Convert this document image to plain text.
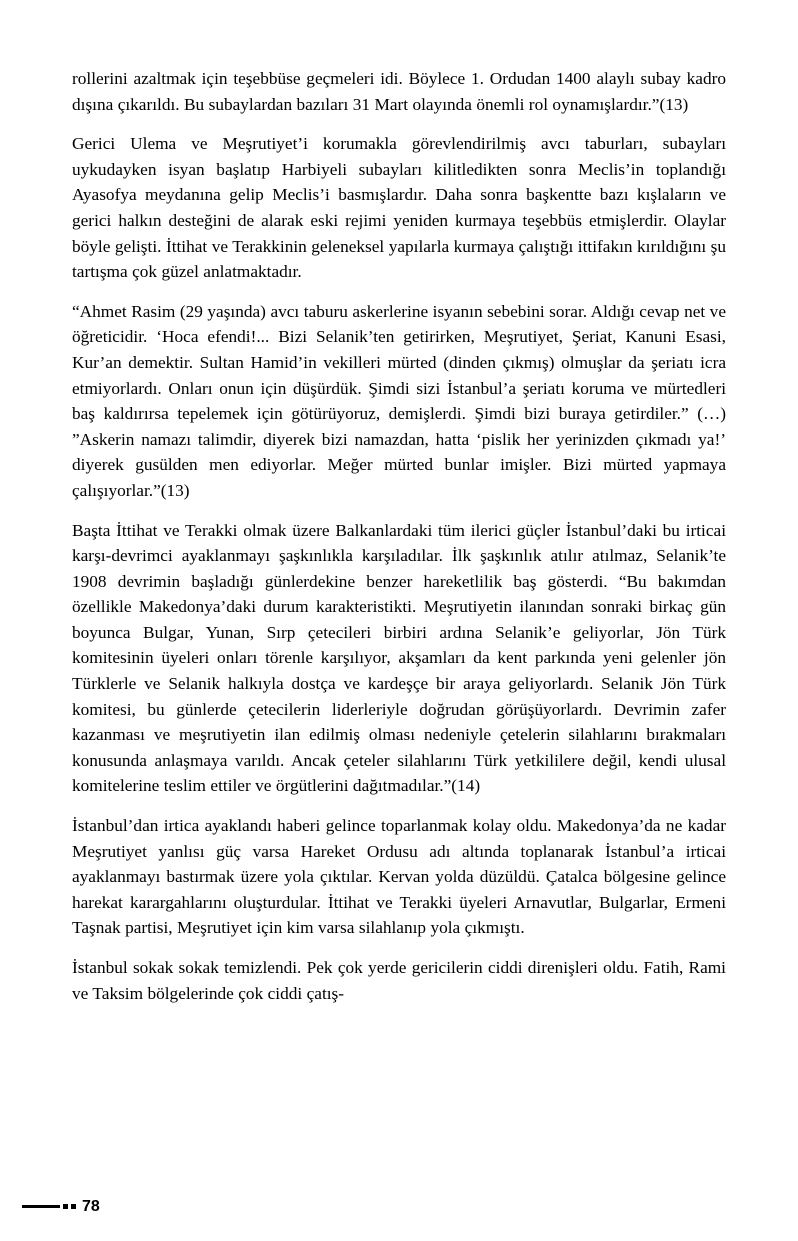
rollerini azaltmak için teşebbüse geçmeleri idi. Böylece 1. Ordudan 1400 alaylı subay kadro dışına çıkarıldı. Bu subaylardan bazıları 31 Mart olayında önemli rol oynamışlardır.”(13)

Gerici Ulema ve Meşrutiyet’i korumakla görevlendirilmiş avcı taburları, subayları uykudayken isyan başlatıp Harbiyeli subayları kilitledikten sonra Meclis’in toplandığı Ayasofya meydanına gelip Meclis’i basmışlardır. Daha sonra başkentte bazı kışlaların ve gerici halkın desteğini de alarak eski rejimi yeniden kurmaya teşebbüs etmişlerdir. Olaylar böyle gelişti. İttihat ve Terakkinin geleneksel yapılarla kurmaya çalıştığı ittifakın kırıldığını şu tartışma çok güzel anlatmaktadır.

“Ahmet Rasim (29 yaşında) avcı taburu askerlerine isyanın sebebini sorar. Aldığı cevap net ve öğreticidir. ‘Hoca efendi!... Bizi Selanik’ten getirirken, Meşrutiyet, Şeriat, Kanuni Esasi, Kur’an demektir. Sultan Hamid’in vekilleri mürted (dinden çıkmış) olmuşlar da şeriatı icra etmiyorlardı. Onları onun için düşürdük. Şimdi sizi İstanbul’a şeriatı koruma ve mürtedleri baş kaldırırsa tepelemek için götürüyoruz, demişlerdi. Şimdi bizi buraya getirdiler.” (…) ”Askerin namazı talimdir, diyerek bizi namazdan, hatta ‘pislik her yerinizden çıkmadı ya!’ diyerek gusülden men ediyorlar. Meğer mürted bunlar imişler. Bizi mürted yapmaya çalışıyorlar.”(13)

Başta İttihat ve Terakki olmak üzere Balkanlardaki tüm ilerici güçler İstanbul’daki bu irticai karşı-devrimci ayaklanmayı şaşkınlıkla karşıladılar. İlk şaşkınlık atılır atılmaz, Selanik’te 1908 devrimin başladığı günlerdekine benzer hareketlilik baş gösterdi. “Bu bakımdan özellikle Makedonya’daki durum karakteristikti. Meşrutiyetin ilanından sonraki birkaç gün boyunca Bulgar, Yunan, Sırp çetecileri birbiri ardına Selanik’e geliyorlar, Jön Türk komitesinin üyeleri onları törenle karşılıyor, akşamları da kent parkında yeni gelenler jön Türklerle ve Selanik halkıyla dostça ve kardeşçe bir araya geliyorlardı. Selanik Jön Türk komitesi, bu günlerde çetecilerin liderleriyle doğrudan görüşüyorlardı. Devrimin zafer kazanması ve meşrutiyetin ilan edilmiş olması nedeniyle çetelerin silahlarını bırakmaları konusunda anlaşmaya varıldı. Ancak çeteler silahlarını Türk yetkililere değil, kendi ulusal komitelerine teslim ettiler ve örgütlerini dağıtmadılar.”(14)

İstanbul’dan irtica ayaklandı haberi gelince toparlanmak kolay oldu. Makedonya’da ne kadar Meşrutiyet yanlısı güç varsa Hareket Ordusu adı altında toplanarak İstanbul’a irticai ayaklanmayı bastırmak üzere yola çıktılar. Kervan yolda düzüldü. Çatalca bölgesine gelince harekat karargahlarını oluşturdular. İttihat ve Terakki üyeleri Arnavutlar, Bulgarlar, Ermeni Taşnak partisi, Meşrutiyet için kim varsa silahlanıp yola çıkmıştı.

İstanbul sokak sokak temizlendi. Pek çok yerde gericilerin ciddi direnişleri oldu. Fatih, Rami ve Taksim bölgelerinde çok ciddi çatış-

78
